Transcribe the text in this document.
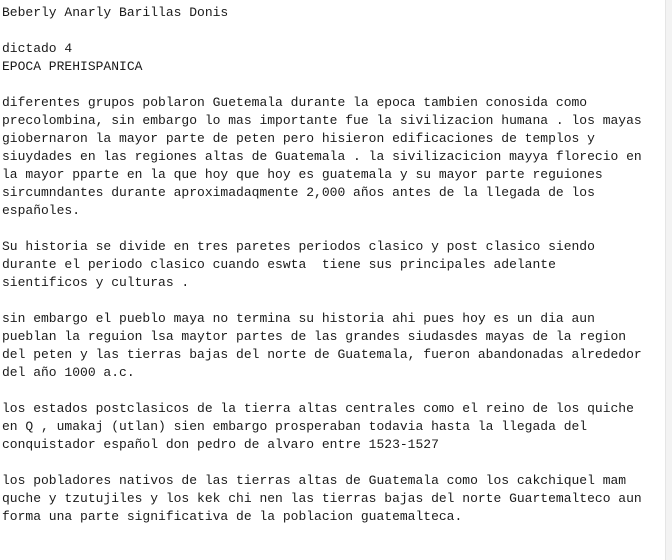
Beberly Anarly Barillas Donis
dictado 4
EPOCA PREHISPANICA
diferentes grupos poblaron Guetemala durante la epoca tambien conosida como
precolombina, sin embargo lo mas importante fue la sivilizacion humana . los mayas
giobernaron la mayor parte de peten pero hisieron edificaciones de templos y
siuydades en las regiones altas de Guatemala . la sivilizacicion mayya florecio en
la mayor pparte en la que hoy que hoy es guatemala y su mayor parte reguiones
sircumndantes durante aproximadaqmente 2,000 años antes de la llegada de los
españoles.
Su historia se divide en tres paretes periodos clasico y post clasico siendo
durante el periodo clasico cuando eswta  tiene sus principales adelante
sientificos y culturas .
sin embargo el pueblo maya no termina su historia ahi pues hoy es un dia aun
pueblan la reguion lsa maytor partes de las grandes siudasdes mayas de la region
del peten y las tierras bajas del norte de Guatemala, fueron abandonadas alrededor
del año 1000 a.c.
los estados postclasicos de la tierra altas centrales como el reino de los quiche
en Q , umakaj (utlan) sien embargo prosperaban todavia hasta la llegada del
conquistador español don pedro de alvaro entre 1523-1527
los pobladores nativos de las tierras altas de Guatemala como los cakchiquel mam
quche y tzutujiles y los kek chi nen las tierras bajas del norte Guartemalteco aun
forma una parte significativa de la poblacion guatemalteca.
